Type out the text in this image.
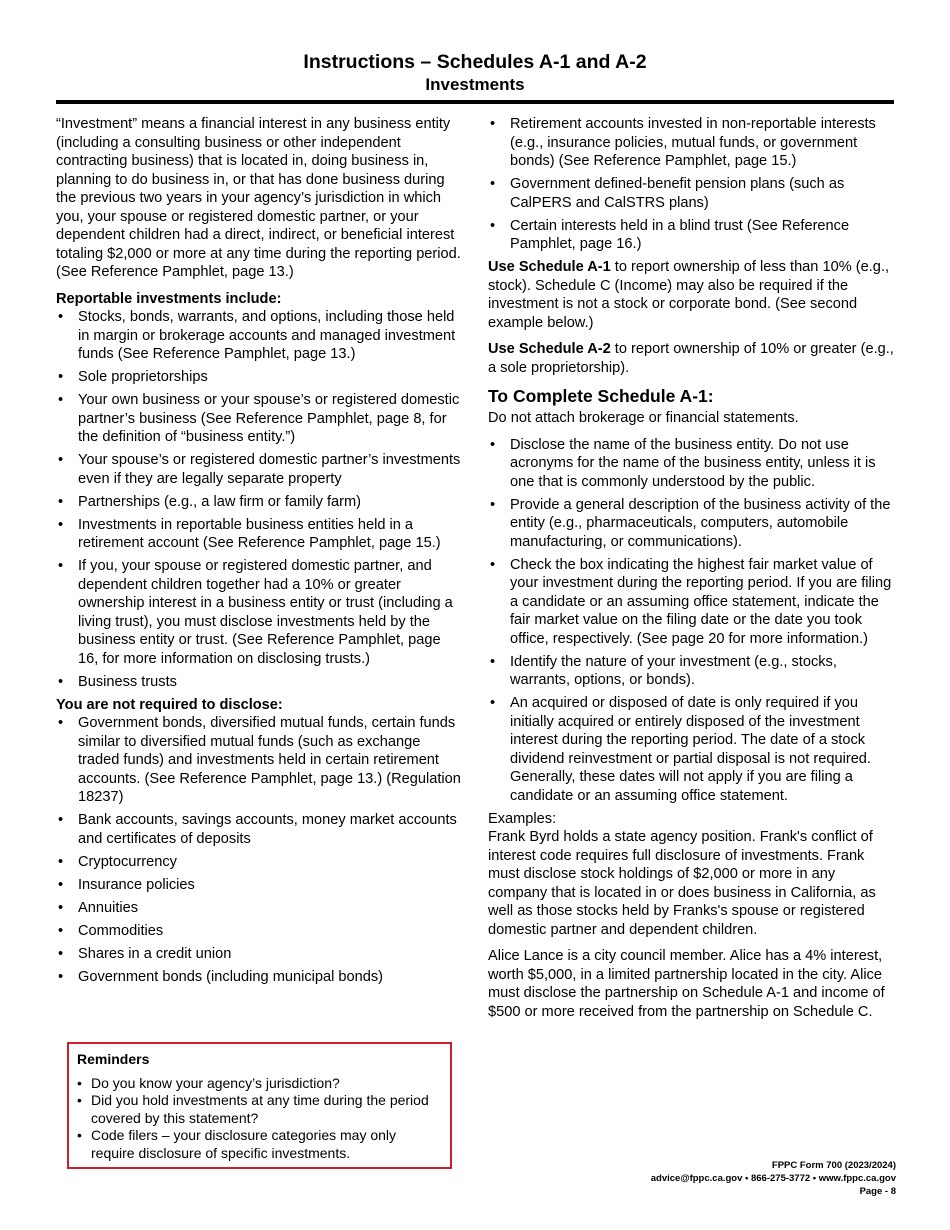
Instructions – Schedules A-1 and A-2
Investments

“Investment” means a financial interest in any business entity (including a consulting business or other independent contracting business) that is located in, doing business in, planning to do business in, or that has done business during the previous two years in your agency’s jurisdiction in which you, your spouse or registered domestic partner, or your dependent children had a direct, indirect, or beneficial interest totaling $2,000 or more at any time during the reporting period. (See Reference Pamphlet, page 13.)

Reportable investments include:
• Stocks, bonds, warrants, and options, including those held in margin or brokerage accounts and managed investment funds (See Reference Pamphlet, page 13.)
• Sole proprietorships
• Your own business or your spouse’s or registered domestic partner’s business (See Reference Pamphlet, page 8, for the definition of “business entity.”)
• Your spouse’s or registered domestic partner’s investments even if they are legally separate property
• Partnerships (e.g., a law firm or family farm)
• Investments in reportable business entities held in a retirement account (See Reference Pamphlet, page 15.)
• If you, your spouse or registered domestic partner, and dependent children together had a 10% or greater ownership interest in a business entity or trust (including a living trust), you must disclose investments held by the business entity or trust. (See Reference Pamphlet, page 16, for more information on disclosing trusts.)
• Business trusts
You are not required to disclose:
• Government bonds, diversified mutual funds, certain funds similar to diversified mutual funds (such as exchange traded funds) and investments held in certain retirement accounts. (See Reference Pamphlet, page 13.) (Regulation 18237)
• Bank accounts, savings accounts, money market accounts and certificates of deposits
• Cryptocurrency
• Insurance policies
• Annuities
• Commodities
• Shares in a credit union
• Government bonds (including municipal bonds)
Reminders
• Do you know your agency’s jurisdiction?
• Did you hold investments at any time during the period covered by this statement?
• Code filers – your disclosure categories may only require disclosure of specific investments.
• Retirement accounts invested in non-reportable interests (e.g., insurance policies, mutual funds, or government bonds) (See Reference Pamphlet, page 15.)
• Government defined-benefit pension plans (such as CalPERS and CalSTRS plans)
• Certain interests held in a blind trust (See Reference Pamphlet, page 16.)

Use Schedule A-1 to report ownership of less than 10% (e.g., stock). Schedule C (Income) may also be required if the investment is not a stock or corporate bond. (See second example below.)

Use Schedule A-2 to report ownership of 10% or greater (e.g., a sole proprietorship).

To Complete Schedule A-1:

Do not attach brokerage or financial statements.

• Disclose the name of the business entity. Do not use acronyms for the name of the business entity, unless it is one that is commonly understood by the public.
• Provide a general description of the business activity of the entity (e.g., pharmaceuticals, computers, automobile manufacturing, or communications).
• Check the box indicating the highest fair market value of your investment during the reporting period. If you are filing a candidate or an assuming office statement, indicate the fair market value on the filing date or the date you took office, respectively. (See page 20 for more information.)
• Identify the nature of your investment (e.g., stocks, warrants, options, or bonds).
• An acquired or disposed of date is only required if you initially acquired or entirely disposed of the investment interest during the reporting period. The date of a stock dividend reinvestment or partial disposal is not required. Generally, these dates will not apply if you are filing a candidate or an assuming office statement.
Examples:

Frank Byrd holds a state agency position. Frank's conflict of interest code requires full disclosure of investments. Frank must disclose stock holdings of $2,000 or more in any company that is located in or does business in California, as well as those stocks held by Franks's spouse or registered domestic partner and dependent children.

Alice Lance is a city council member. Alice has a 4% interest, worth $5,000, in a limited partnership located in the city. Alice must disclose the partnership on Schedule A-1 and income of $500 or more received from the partnership on Schedule C.

FPPC Form 700 (2023/2024)
advice@fppc.ca.gov • 866-275-3772 • www.fppc.ca.gov
Page - 8
